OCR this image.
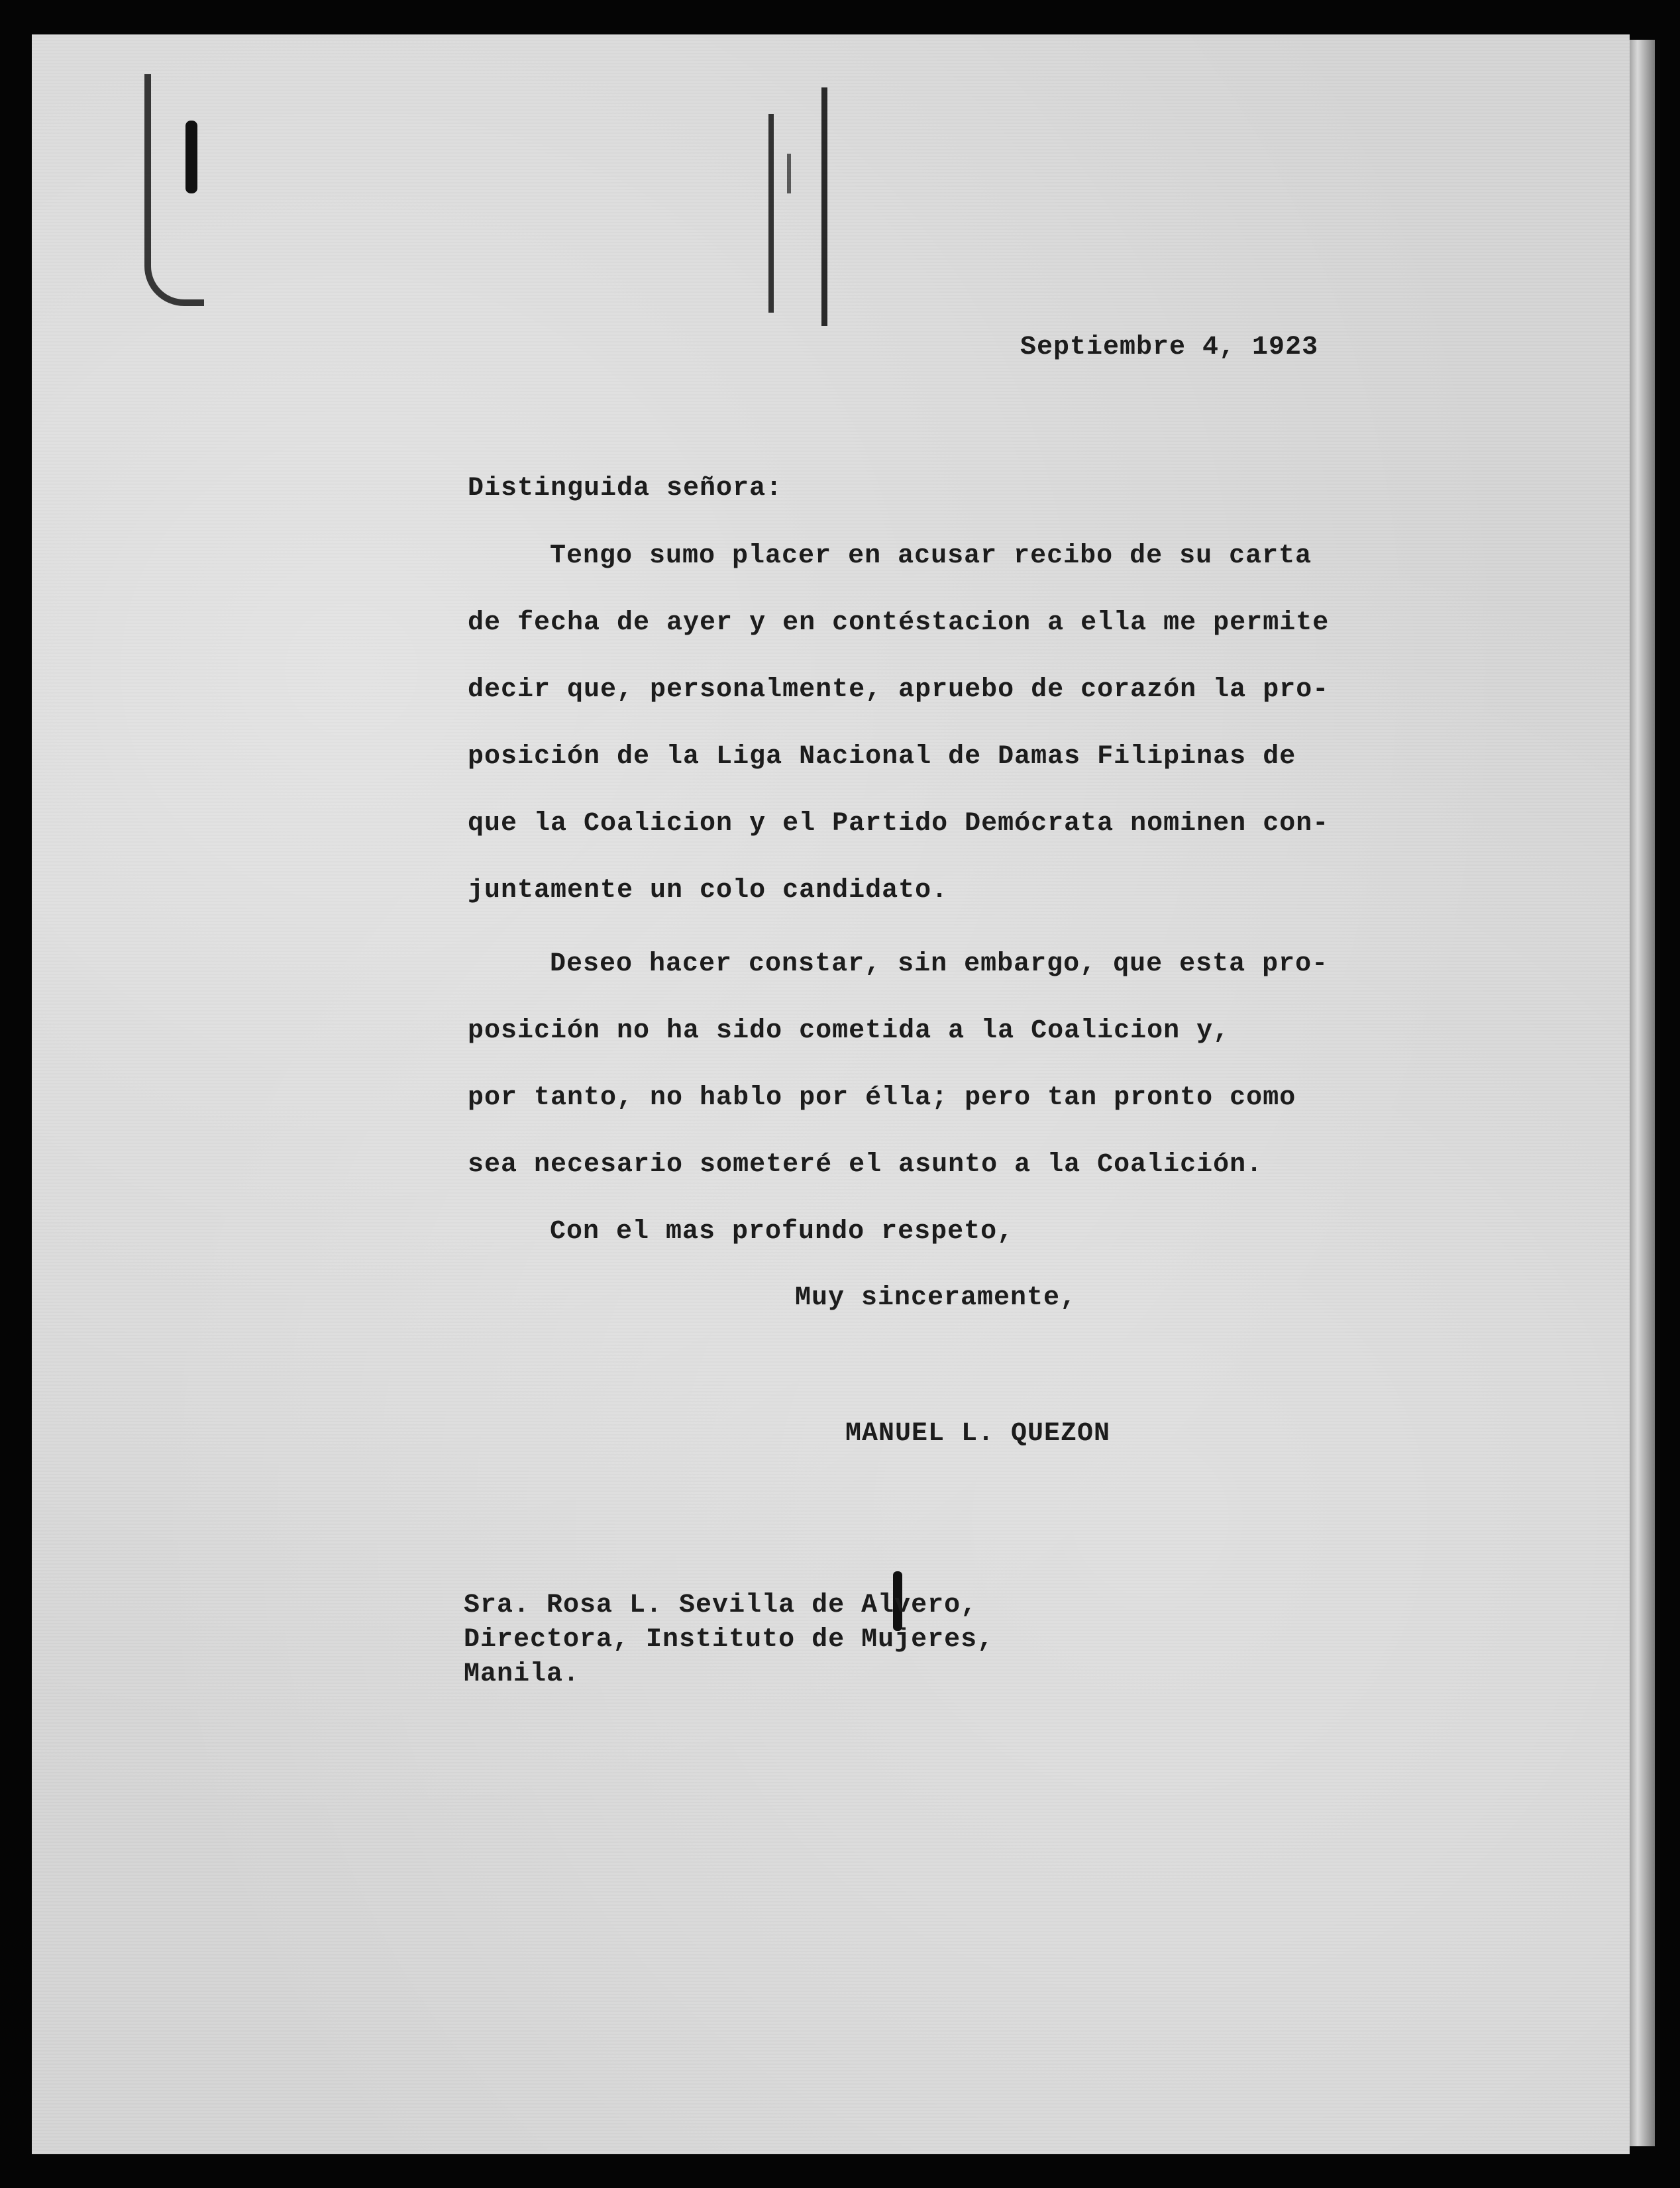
Septiembre 4, 1923
Distinguida señora:
Tengo sumo placer en acusar recibo de su carta
de fecha de ayer y en contéstacion a ella me permite
decir que, personalmente, apruebo de corazón la pro-
posición de la Liga Nacional de Damas Filipinas de
que la Coalicion y el Partido Demócrata nominen con-
juntamente un colo candidato.
Deseo hacer constar, sin embargo, que esta pro-
posición no ha sido cometida a la Coalicion y,
por tanto, no hablo por élla; pero tan pronto como
sea necesario someteré el asunto a la Coalición.
Con el mas profundo respeto,
Muy sinceramente,
MANUEL L. QUEZON
Sra. Rosa L. Sevilla de Alvero,
Directora, Instituto de Mujeres,
Manila.
